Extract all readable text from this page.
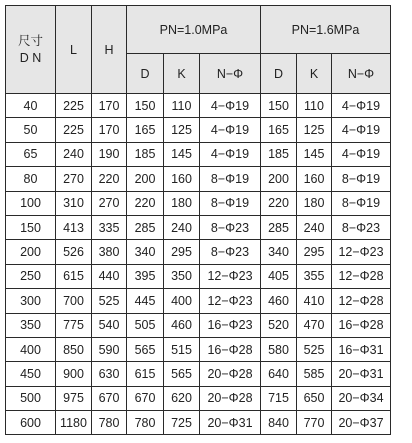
尺寸
D N	L	H	PN=1.0MPa			PN=1.6MPa		
			D	K	N−Φ	D	K	N−Φ
40	225	170	150	110	4−Φ19	150	110	4−Φ19
50	225	170	165	125	4−Φ19	165	125	4−Φ19
65	240	190	185	145	4−Φ19	185	145	4−Φ19
80	270	220	200	160	8−Φ19	200	160	8−Φ19
100	310	270	220	180	8−Φ19	220	180	8−Φ19
150	413	335	285	240	8−Φ23	285	240	8−Φ23
200	526	380	340	295	8−Φ23	340	295	12−Φ23
250	615	440	395	350	12−Φ23	405	355	12−Φ28
300	700	525	445	400	12−Φ23	460	410	12−Φ28
350	775	540	505	460	16−Φ23	520	470	16−Φ28
400	850	590	565	515	16−Φ28	580	525	16−Φ31
450	900	630	615	565	20−Φ28	640	585	20−Φ31
500	975	670	670	620	20−Φ28	715	650	20−Φ34
600	1180	780	780	725	20−Φ31	840	770	20−Φ37
